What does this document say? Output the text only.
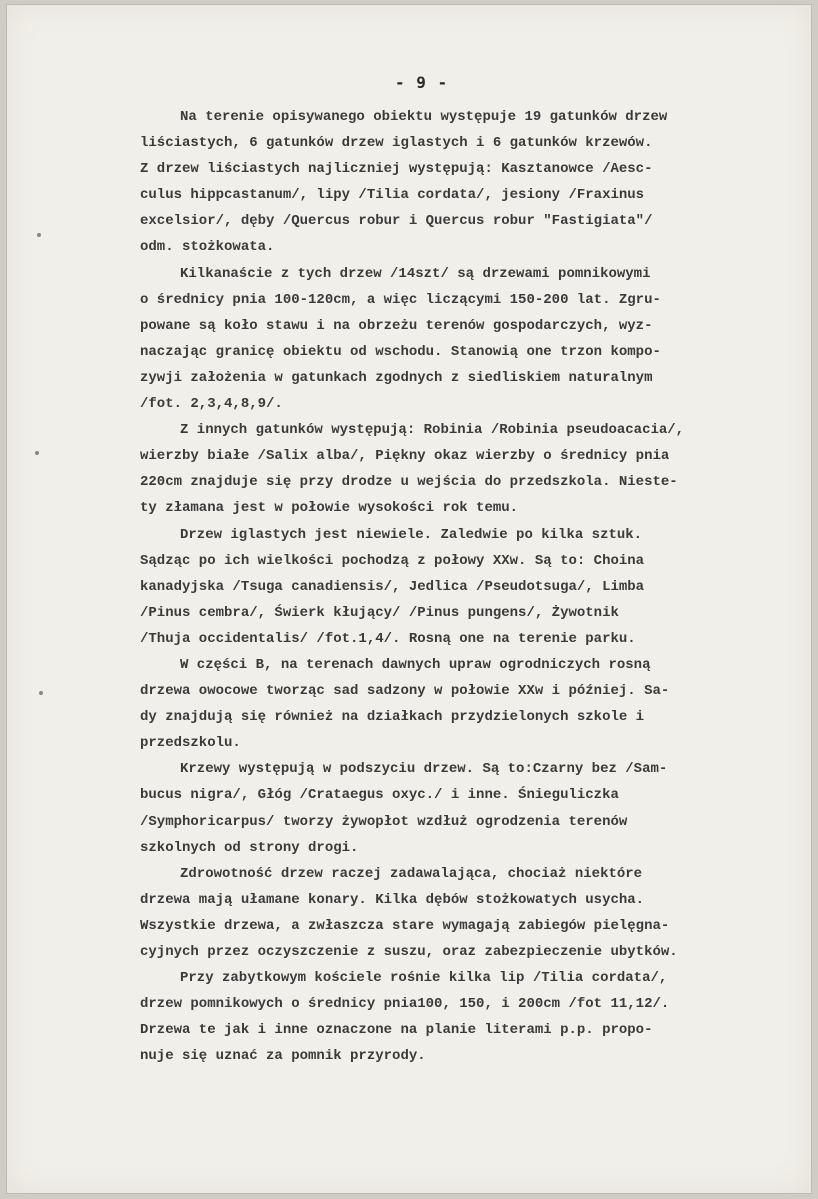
- 9 -
Na terenie opisywanego obiektu występuje 19 gatunków drzew
liściastych, 6 gatunków drzew iglastych i 6 gatunków krzewów.
Z drzew liściastych najliczniej występują: Kasztanowce /Aesc-
culus hippcastanum/, lipy /Tilia cordata/, jesiony /Fraxinus
excelsior/, dęby /Quercus robur i Quercus robur "Fastigiata"/
odm. stożkowata.
Kilkanaście z tych drzew /14szt/ są drzewami pomnikowymi
o średnicy pnia 100-120cm, a więc liczącymi 150-200 lat. Zgru-
powane są koło stawu i na obrzeżu terenów gospodarczych, wyz-
naczając granicę obiektu od wschodu. Stanowią one trzon kompo-
zywji założenia w gatunkach zgodnych z siedliskiem naturalnym
/fot. 2,3,4,8,9/.
Z innych gatunków występują: Robinia /Robinia pseudoacacia/,
wierzby białe /Salix alba/, Piękny okaz wierzby o średnicy pnia
220cm znajduje się przy drodze u wejścia do przedszkola. Nieste-
ty złamana jest w połowie wysokości rok temu.
Drzew iglastych jest niewiele. Zaledwie po kilka sztuk.
Sądząc po ich wielkości pochodzą z połowy XXw. Są to: Choina
kanadyjska /Tsuga canadiensis/, Jedlica /Pseudotsuga/, Limba
/Pinus cembra/, Świerk kłujący/ /Pinus pungens/, Żywotnik
/Thuja occidentalis/ /fot.1,4/. Rosną one na terenie parku.
W części B, na terenach dawnych upraw ogrodniczych rosną
drzewa owocowe tworząc sad sadzony w połowie XXw i później. Sa-
dy znajdują się również na działkach przydzielonych szkole i
przedszkolu.
Krzewy występują w podszyciu drzew. Są to:Czarny bez /Sam-
bucus nigra/, Głóg /Crataegus oxyc./ i inne. Śnieguliczka
/Symphoricarpus/ tworzy żywopłot wzdłuż ogrodzenia terenów
szkolnych od strony drogi.
Zdrowotność drzew raczej zadawalająca, chociaż niektóre
drzewa mają ułamane konary. Kilka dębów stożkowatych usycha.
Wszystkie drzewa, a zwłaszcza stare wymagają zabiegów pielęgna-
cyjnych przez oczyszczenie z suszu, oraz zabezpieczenie ubytków.
Przy zabytkowym kościele rośnie kilka lip /Tilia cordata/,
drzew pomnikowych o średnicy pnia100, 150, i 200cm /fot 11,12/.
Drzewa te jak i inne oznaczone na planie literami p.p. propo-
nuje się uznać za pomnik przyrody.
